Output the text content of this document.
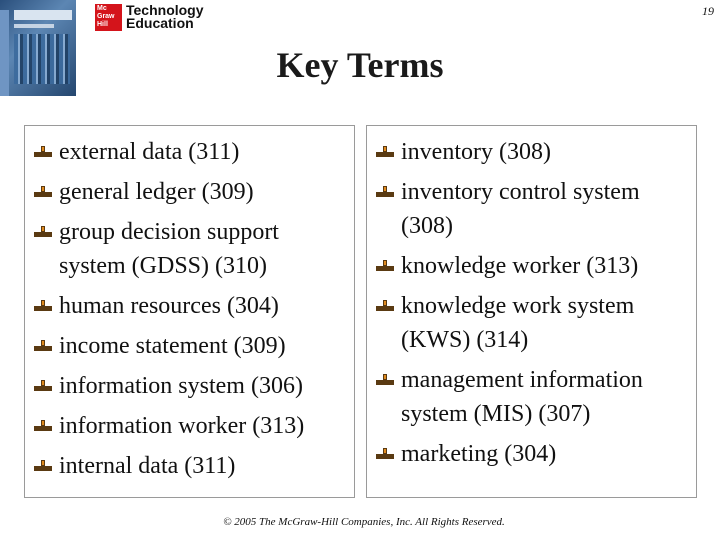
Mc Graw Hill
Technology
Education
19
Key Terms
external data (311)
general ledger (309)
group decision support system (GDSS) (310)
human resources (304)
income statement (309)
information system (306)
information worker (313)
internal data (311)
inventory (308)
inventory control system (308)
knowledge worker (313)
knowledge work system (KWS) (314)
management information system (MIS) (307)
marketing (304)
© 2005 The McGraw-Hill Companies, Inc. All Rights Reserved.
